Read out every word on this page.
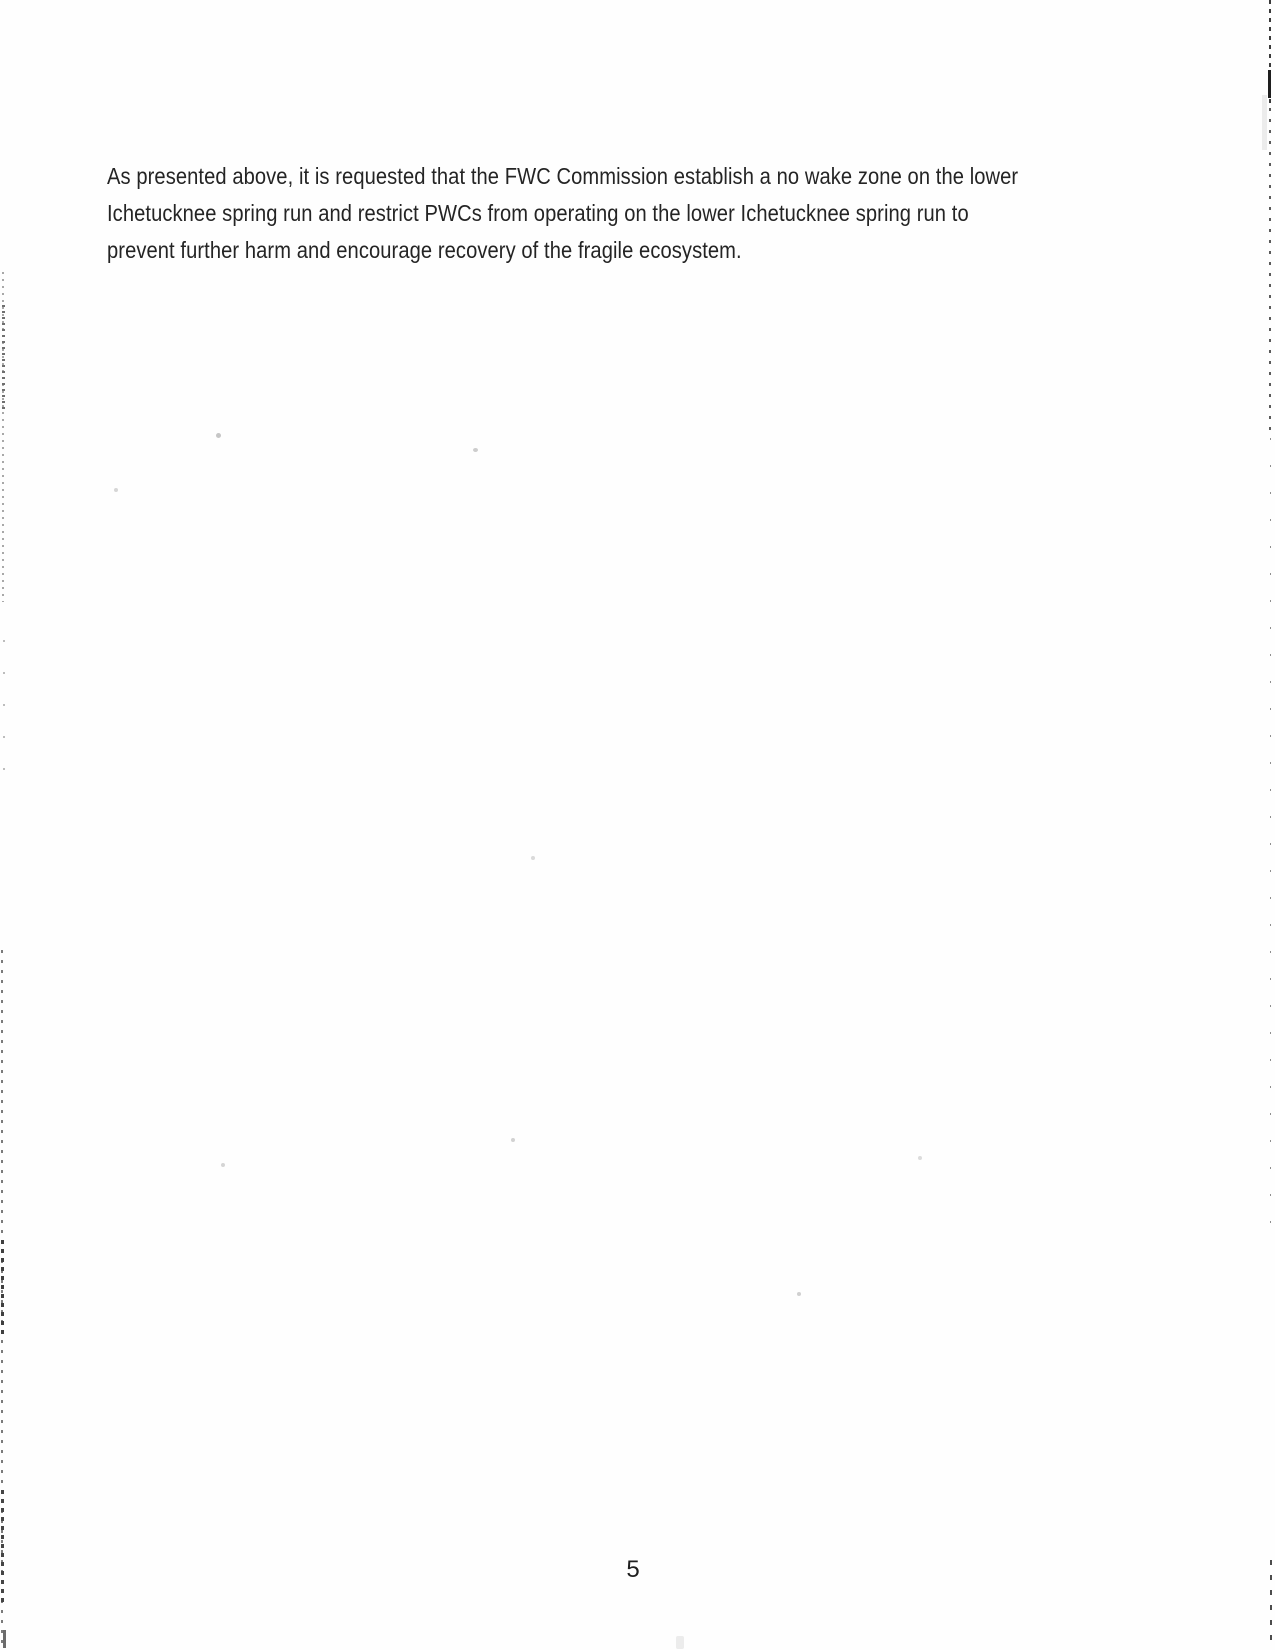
As presented above, it is requested that the FWC Commission establish a no wake zone on the lower
Ichetucknee spring run and restrict PWCs from operating on the lower Ichetucknee spring run to
prevent further harm and encourage recovery of the fragile ecosystem.
5
